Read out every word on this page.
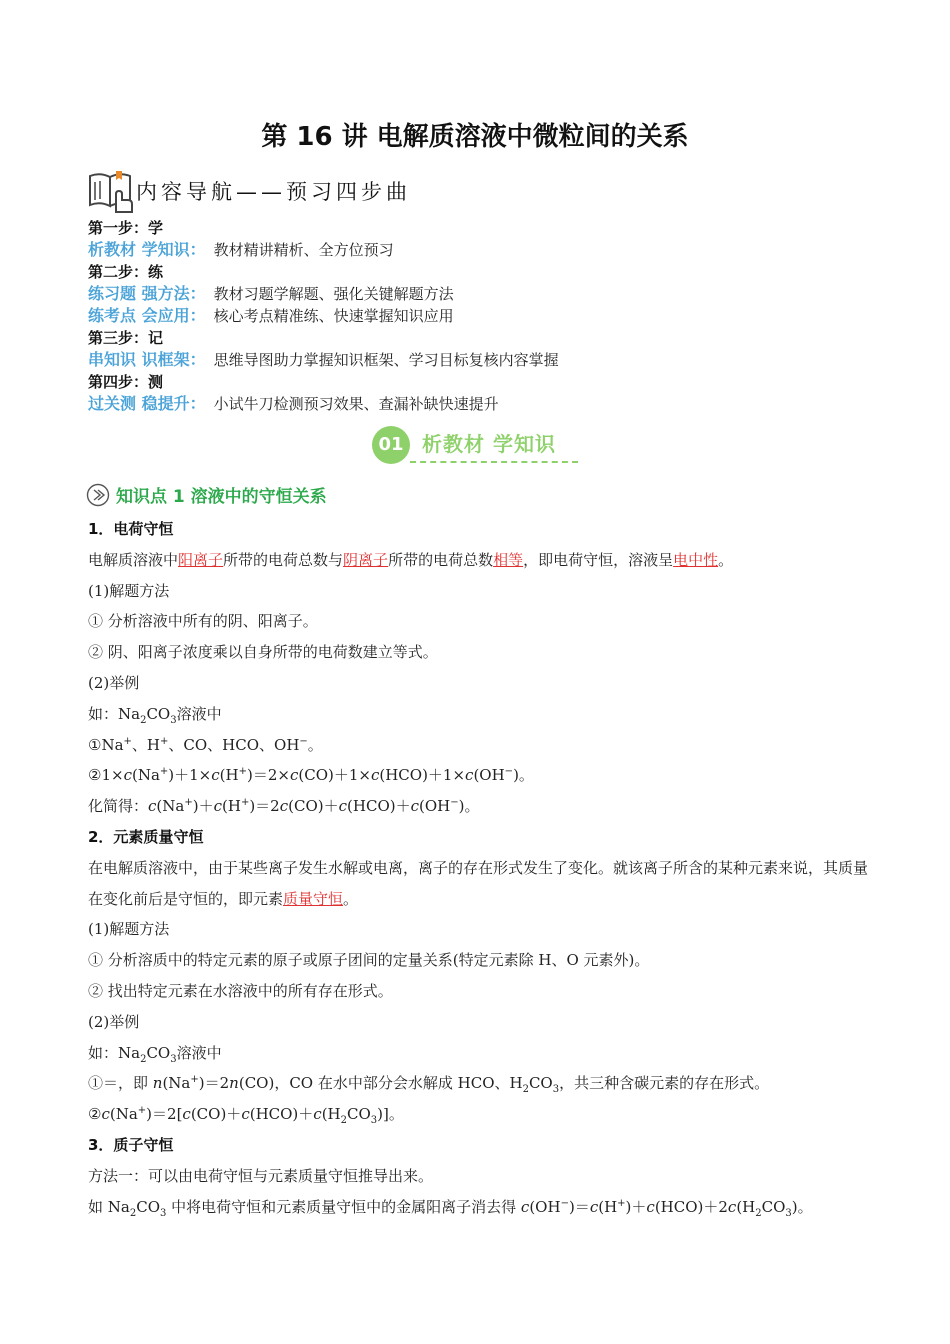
第 16 讲 电解质溶液中微粒间的关系
内容导航——预习四步曲
第一步：学
析教材 学知识： 教材精讲精析、全方位预习
第二步：练
练习题 强方法： 教材习题学解题、强化关键解题方法
练考点 会应用： 核心考点精准练、快速掌握知识应用
第三步：记
串知识 识框架： 思维导图助力掌握知识框架、学习目标复核内容掌握
第四步：测
过关测 稳提升： 小试牛刀检测预习效果、查漏补缺快速提升
01 析教材 学知识
知识点 1 溶液中的守恒关系

1．电荷守恒

电解质溶液中阳离子所带的电荷总数与阴离子所带的电荷总数相等，即电荷守恒，溶液呈电中性。

(1)解题方法

① 分析溶液中所有的阴、阳离子。

② 阴、阳离子浓度乘以自身所带的电荷数建立等式。

(2)举例

如：$Na_2CO_3$溶液中

①Na+、H+、CO、HCO、OH−。

②1×c(Na+)＋1×c(H+)＝2×c(CO)＋1×c(HCO)＋1×c(OH−)。

化简得：c(Na+)＋c(H+)＝2c(CO)＋c(HCO)＋c(OH−)。

2．元素质量守恒

在电解质溶液中，由于某些离子发生水解或电离，离子的存在形式发生了变化。就该离子所含的某种元素来说，其质量在变化前后是守恒的，即元素质量守恒。

(1)解题方法

① 分析溶质中的特定元素的原子或原子团间的定量关系(特定元素除 H、O 元素外)。

② 找出特定元素在水溶液中的所有存在形式。

(2)举例

如：$Na_2CO_3$溶液中

①＝，即 n(Na+)＝2n(CO)，CO 在水中部分会水解成 HCO、$H_2CO_3$，共三种含碳元素的存在形式。

$②c(Na^+)=2[c(CO)+c(HCO)+c(H_2CO_3)]$。

3．质子守恒

方法一：可以由电荷守恒与元素质量守恒推导出来。

如 $Na_2CO_3$ 中将电荷守恒和元素质量守恒中的金属阳离子消去得 $c(OH^-)=c(H^+)+c(HCO)+2c(H_2CO_3)$。
